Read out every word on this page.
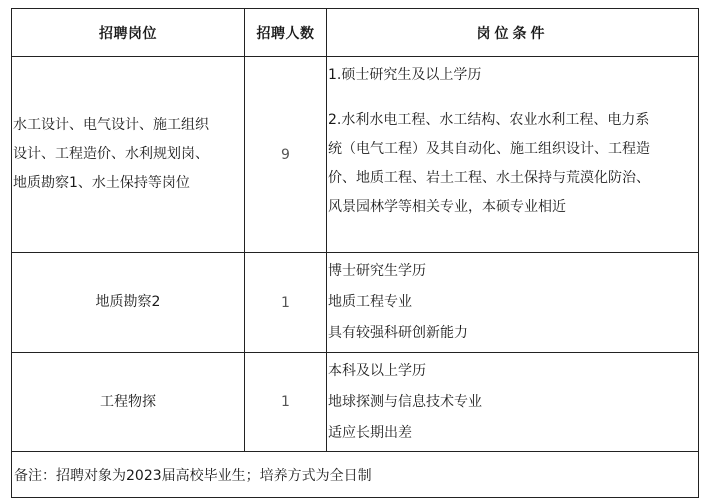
招聘岗位	招聘人数	岗位条件

水工设计、电气设计、施工组织
设计、工程造价、水利规划岗、
地质勘察1、水土保持等岗位	9	1.硕士研究生及以上学历
2.水利水电工程、水工结构、农业水利工程、电力系
统（电气工程）及其自动化、施工组织设计、工程造
价、地质工程、岩土工程、水土保持与荒漠化防治、
风景园林学等相关专业，本硕专业相近

地质勘察2	1	博士研究生学历
地质工程专业
具有较强科研创新能力

工程物探	1	本科及以上学历
地球探测与信息技术专业
适应长期出差

备注：招聘对象为2023届高校毕业生；培养方式为全日制		
